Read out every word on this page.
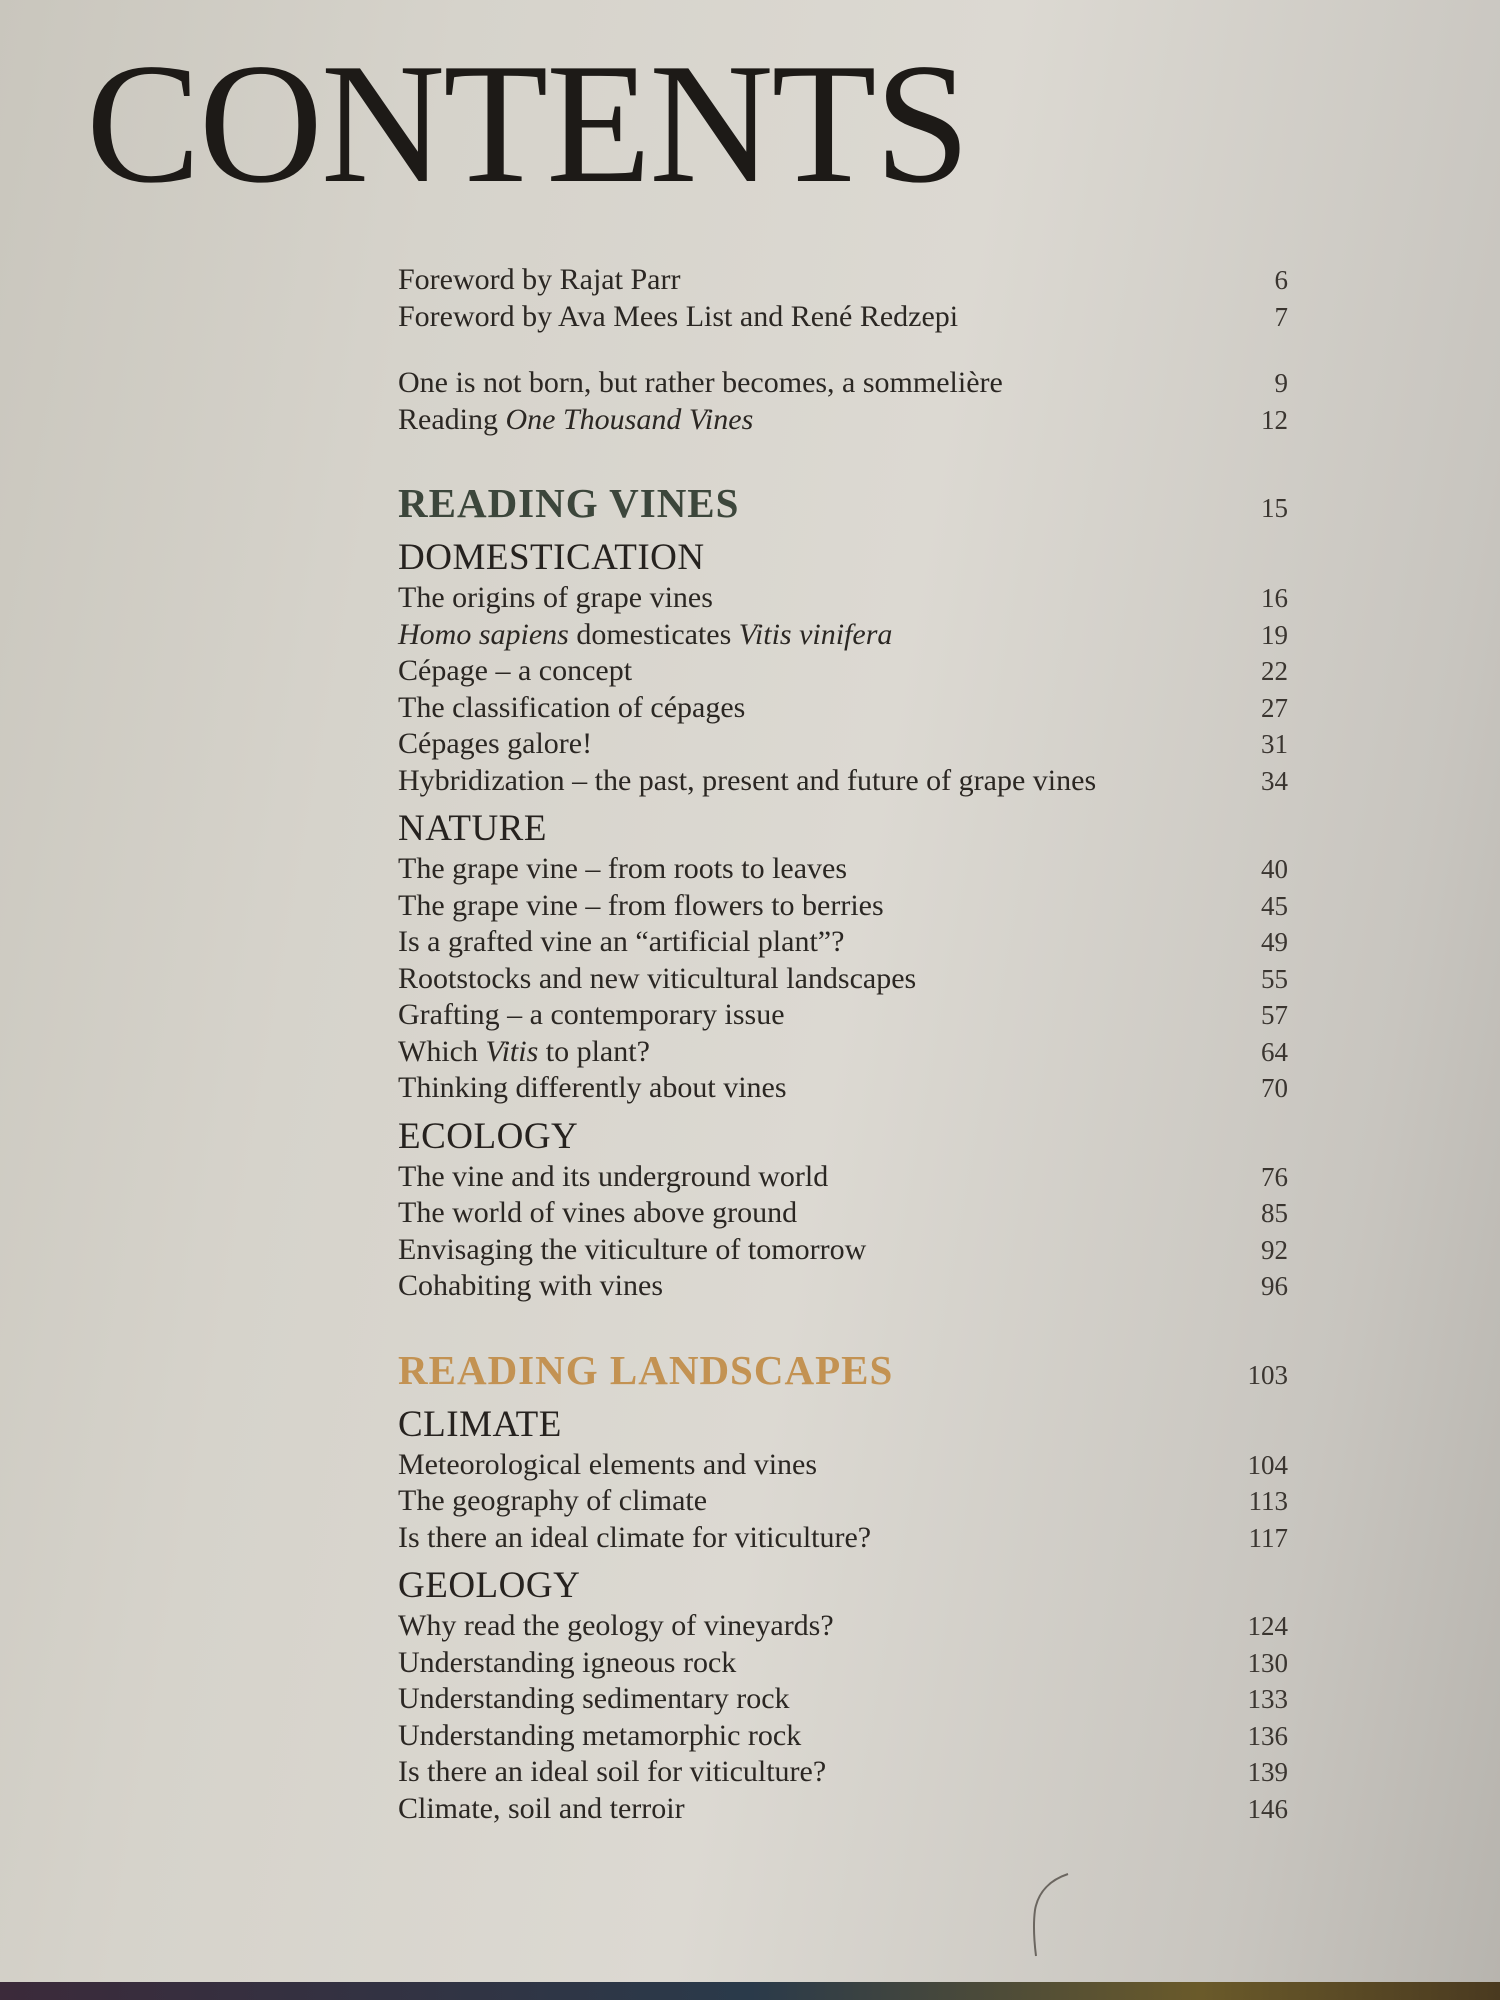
CONTENTS
Foreword by Rajat Parr	6
Foreword by Ava Mees List and René Redzepi	7
One is not born, but rather becomes, a sommelière	9
Reading One Thousand Vines	12
READING VINES	15
DOMESTICATION
The origins of grape vines	16
Homo sapiens domesticates Vitis vinifera	19
Cépage – a concept	22
The classification of cépages	27
Cépages galore!	31
Hybridization – the past, present and future of grape vines	34
NATURE
The grape vine – from roots to leaves	40
The grape vine – from flowers to berries	45
Is a grafted vine an “artificial plant”?	49
Rootstocks and new viticultural landscapes	55
Grafting – a contemporary issue	57
Which Vitis to plant?	64
Thinking differently about vines	70
ECOLOGY
The vine and its underground world	76
The world of vines above ground	85
Envisaging the viticulture of tomorrow	92
Cohabiting with vines	96
READING LANDSCAPES	103
CLIMATE
Meteorological elements and vines	104
The geography of climate	113
Is there an ideal climate for viticulture?	117
GEOLOGY
Why read the geology of vineyards?	124
Understanding igneous rock	130
Understanding sedimentary rock	133
Understanding metamorphic rock	136
Is there an ideal soil for viticulture?	139
Climate, soil and terroir	146
